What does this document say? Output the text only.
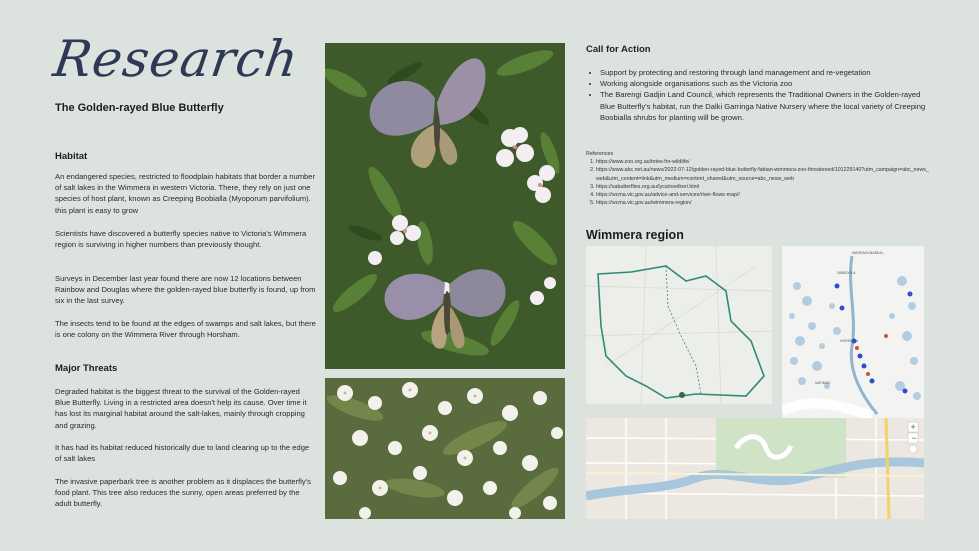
Research
The Golden-rayed Blue Butterfly
Habitat
An endangered species, restricted to floodplain habitats that border a number of salt lakes in the Wimmera in western Victoria. There, they rely on just one species of host plant, known as Creeping Boobialla (Myoporum parvifolium). this plant is easy to grow
Scientists have discovered a butterfly species native to Victoria's Wimmera region is surviving in higher numbers than previously thought.
Surveys in December last year found there are now 12 locations between Rainbow and Douglas where the golden-rayed blue butterfly is found, up from six in the last survey.
The insects tend to be found at the edges of swamps and salt lakes, but there is one colony on the Wimmera River through Horsham.
Major Threats
Degraded habitat is the biggest threat to the survival of the Golden-rayed Blue Butterfly. Living in a restricted area doesn't help its cause. Over time it has lost its marginal habitat around the salt-lakes, mainly through cropping and grazing.
It has had its habitat reduced historically due to land clearing up to the edge of salt lakes
The invasive paperbark tree is another problem as it displaces the butterfly's food plant. This tree also reduces the sunny, open areas preferred by the adult butterfly.
Call for Action
• Support by protecting and restoring through land management and re-vegetation
• Working alongside organisations such as the Victoria zoo
• The Barengi Gadjin Land Council, which represents the Traditional Owners in the Golden-rayed Blue Butterfly's habitat, run the Dalki Garringa Native Nursery where the local variety of Creeping Boobialla shrubs for planting will be grown.
References
1. https://www.zoo.org.au/totes-for-wildlife/
2. https://www.abc.net.au/news/2022-07-12/golden-rayed-blue-butterfly-fabian-wimmera-zoo-threatened/101229140?utm_campaign=abc_news_web&utm_content=link&utm_medium=content_shared&utm_source=abc_news_web
3. https://sabutterflies.org.au/lyca/noelkeri.html
4. https://wcma.vic.gov.au/advice-and-services/river-flows-map//
5. https://wcma.vic.gov.au/wimmera-region/
Wimmera region
WARRACKNABEAL
HORSHAM
DIMBOOLA
NATIMUK
+
−
